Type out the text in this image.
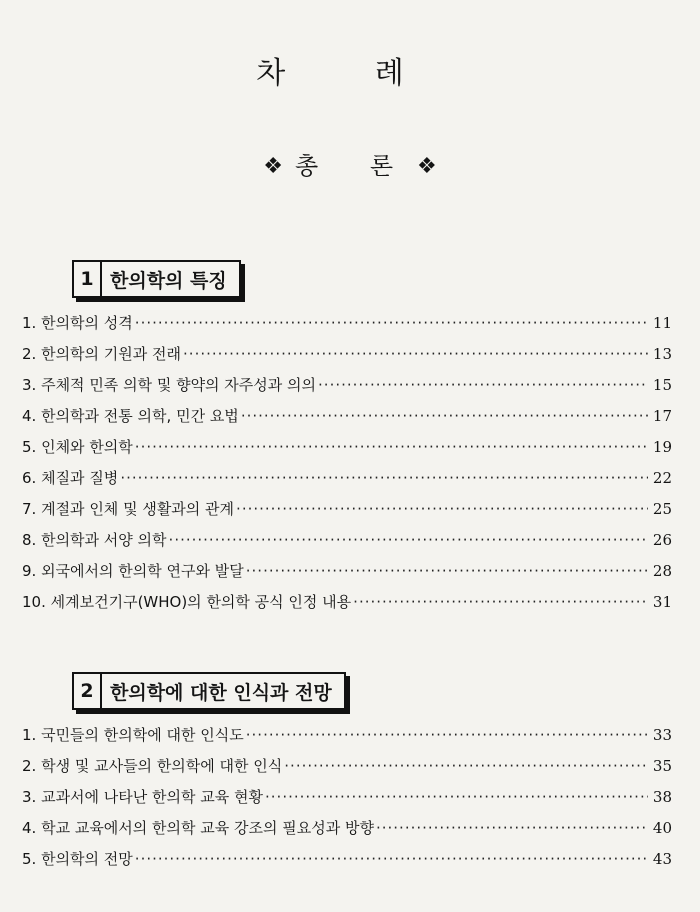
차 례
❖ 총 론❖
1 한의학의 특징
1. 한의학의 성격 ·····	11
2. 한의학의 기원과 전래 ·····	13
3. 주체적 민족 의학 및 향약의 자주성과 의의 ·····	15
4. 한의학과 전통 의학, 민간 요법 ·····	17
5. 인체와 한의학 ·····	19
6. 체질과 질병 ·····	22
7. 계절과 인체 및 생활과의 관계 ·····	25
8. 한의학과 서양 의학 ·····	26
9. 외국에서의 한의학 연구와 발달 ·····	28
10. 세계보건기구(WHO)의 한의학 공식 인정 내용 ·····	31
2 한의학에 대한 인식과 전망
1. 국민들의 한의학에 대한 인식도 ·····	33
2. 학생 및 교사들의 한의학에 대한 인식 ·····	35
3. 교과서에 나타난 한의학 교육 현황 ·····	38
4. 학교 교육에서의 한의학 교육 강조의 필요성과 방향 ·····	40
5. 한의학의 전망 ·····	43
